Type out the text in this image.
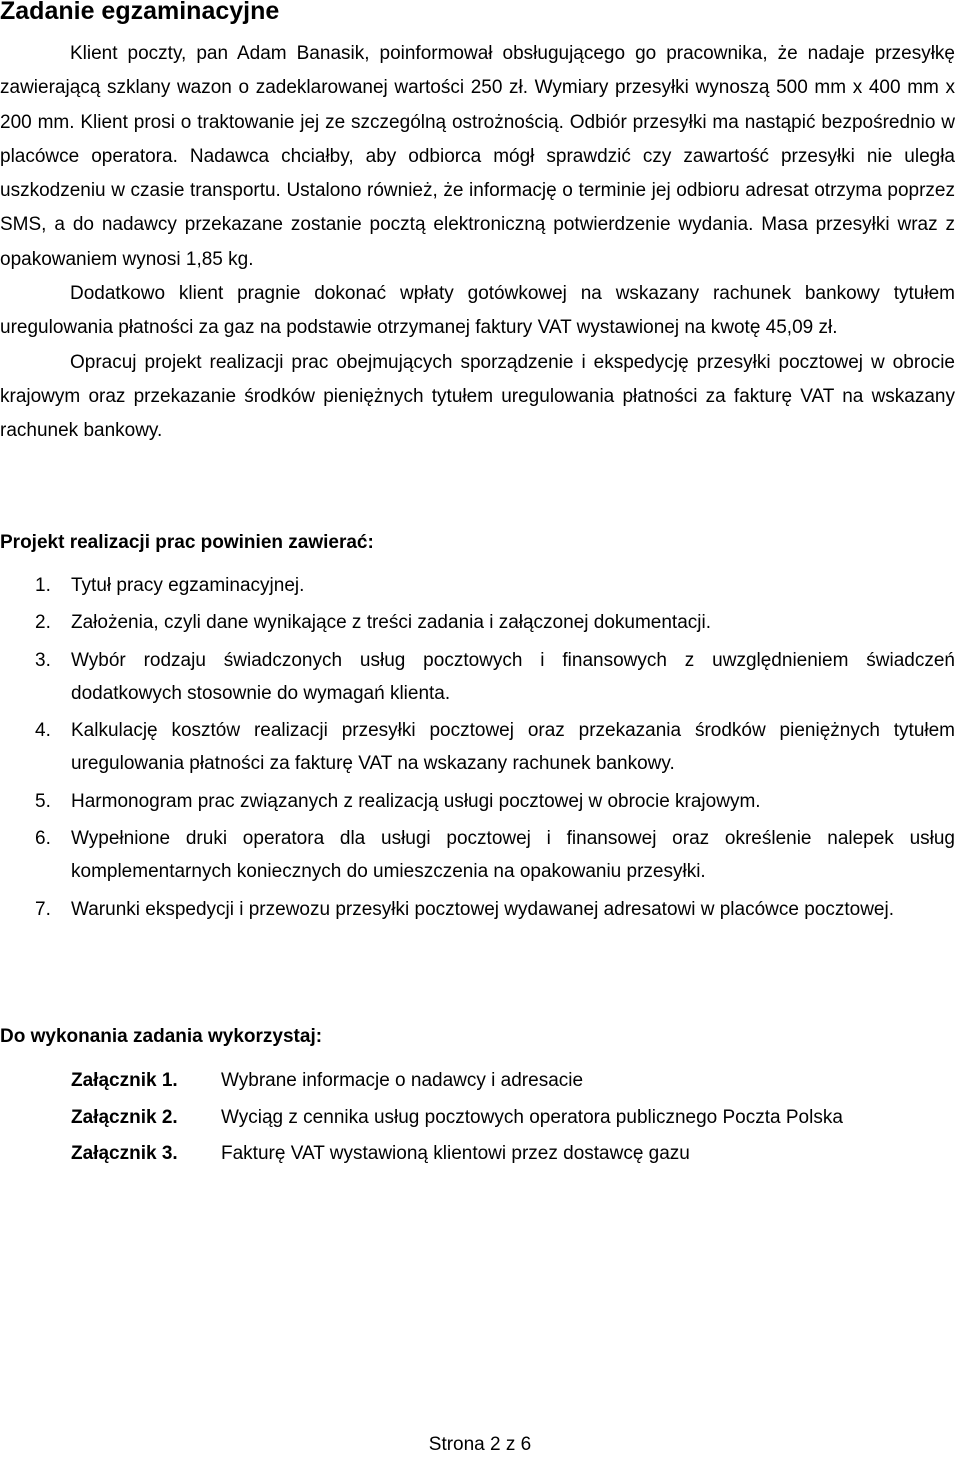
Zadanie egzaminacyjne

Klient poczty, pan Adam Banasik, poinformował obsługującego go pracownika, że nadaje przesyłkę zawierającą szklany wazon o zadeklarowanej wartości 250 zł. Wymiary przesyłki wynoszą 500 mm x 400 mm x 200 mm. Klient prosi o traktowanie jej ze szczególną ostrożnością. Odbiór przesyłki ma nastąpić bezpośrednio w placówce operatora. Nadawca chciałby, aby odbiorca mógł sprawdzić czy zawartość przesyłki nie uległa uszkodzeniu w czasie transportu. Ustalono również, że informację o terminie jej odbioru adresat otrzyma poprzez SMS, a do nadawcy przekazane zostanie pocztą elektroniczną potwierdzenie wydania. Masa przesyłki wraz z opakowaniem wynosi 1,85 kg.

Dodatkowo klient pragnie dokonać wpłaty gotówkowej na wskazany rachunek bankowy tytułem uregulowania płatności za gaz na podstawie otrzymanej faktury VAT wystawionej na kwotę 45,09 zł.

Opracuj projekt realizacji prac obejmujących sporządzenie i ekspedycję przesyłki pocztowej w obrocie krajowym oraz przekazanie środków pieniężnych tytułem uregulowania płatności za fakturę VAT na wskazany rachunek bankowy.

Projekt realizacji prac powinien zawierać:
1. Tytuł pracy egzaminacyjnej.
2. Założenia, czyli dane wynikające z treści zadania i załączonej dokumentacji.
3. Wybór rodzaju świadczonych usług pocztowych i finansowych z uwzględnieniem świadczeń dodatkowych stosownie do wymagań klienta.
4. Kalkulację kosztów realizacji przesyłki pocztowej oraz przekazania środków pieniężnych tytułem uregulowania płatności za fakturę VAT na wskazany rachunek bankowy.
5. Harmonogram prac związanych z realizacją usługi pocztowej w obrocie krajowym.
6. Wypełnione druki operatora dla usługi pocztowej i finansowej oraz określenie nalepek usług komplementarnych koniecznych do umieszczenia na opakowaniu przesyłki.
7. Warunki ekspedycji i przewozu przesyłki pocztowej wydawanej adresatowi w placówce pocztowej.
Do wykonania zadania wykorzystaj:
Załącznik 1. Wybrane informacje o nadawcy i adresacie
Załącznik 2. Wyciąg z cennika usług pocztowych operatora publicznego Poczta Polska
Załącznik 3. Fakturę VAT wystawioną klientowi przez dostawcę gazu

Strona 2 z 6
